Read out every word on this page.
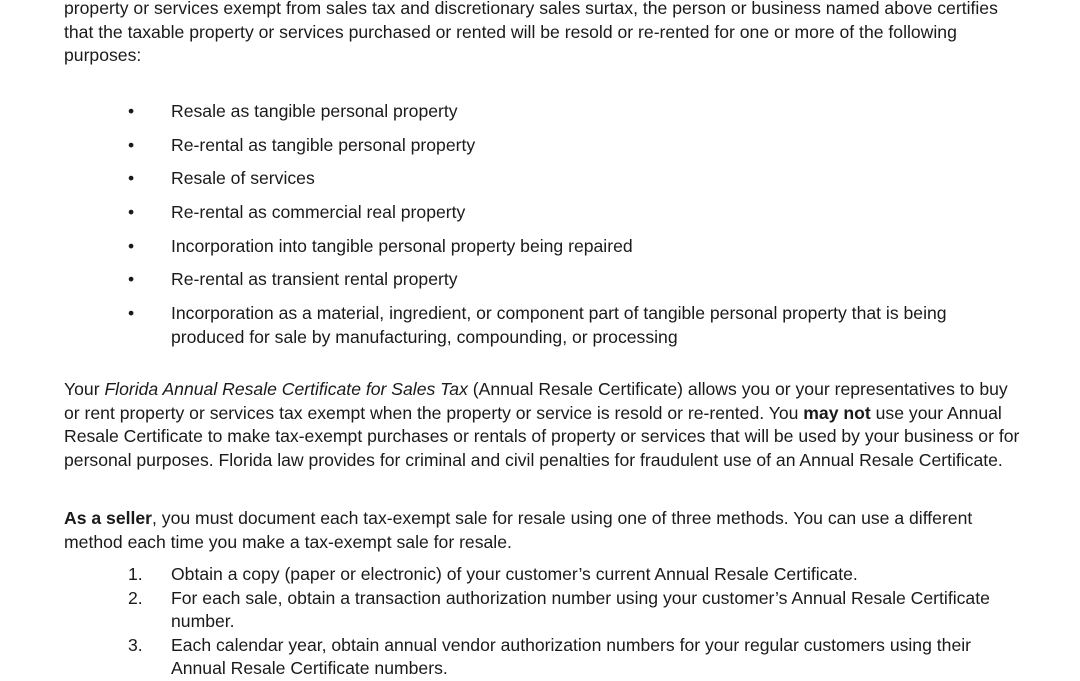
property or services exempt from sales tax and discretionary sales surtax, the person or business named above certifies that the taxable property or services purchased or rented will be resold or re-rented for one or more of the following purposes:

• Resale as tangible personal property
• Re-rental as tangible personal property
• Resale of services
• Re-rental as commercial real property
• Incorporation into tangible personal property being repaired
• Re-rental as transient rental property
• Incorporation as a material, ingredient, or component part of tangible personal property that is being produced for sale by manufacturing, compounding, or processing

Your Florida Annual Resale Certificate for Sales Tax (Annual Resale Certificate) allows you or your representatives to buy or rent property or services tax exempt when the property or service is resold or re-rented. You may not use your Annual Resale Certificate to make tax-exempt purchases or rentals of property or services that will be used by your business or for personal purposes. Florida law provides for criminal and civil penalties for fraudulent use of an Annual Resale Certificate.

As a seller, you must document each tax-exempt sale for resale using one of three methods. You can use a different method each time you make a tax-exempt sale for resale.

1. Obtain a copy (paper or electronic) of your customer’s current Annual Resale Certificate.
2. For each sale, obtain a transaction authorization number using your customer’s Annual Resale Certificate number.
3. Each calendar year, obtain annual vendor authorization numbers for your regular customers using their Annual Resale Certificate numbers.
